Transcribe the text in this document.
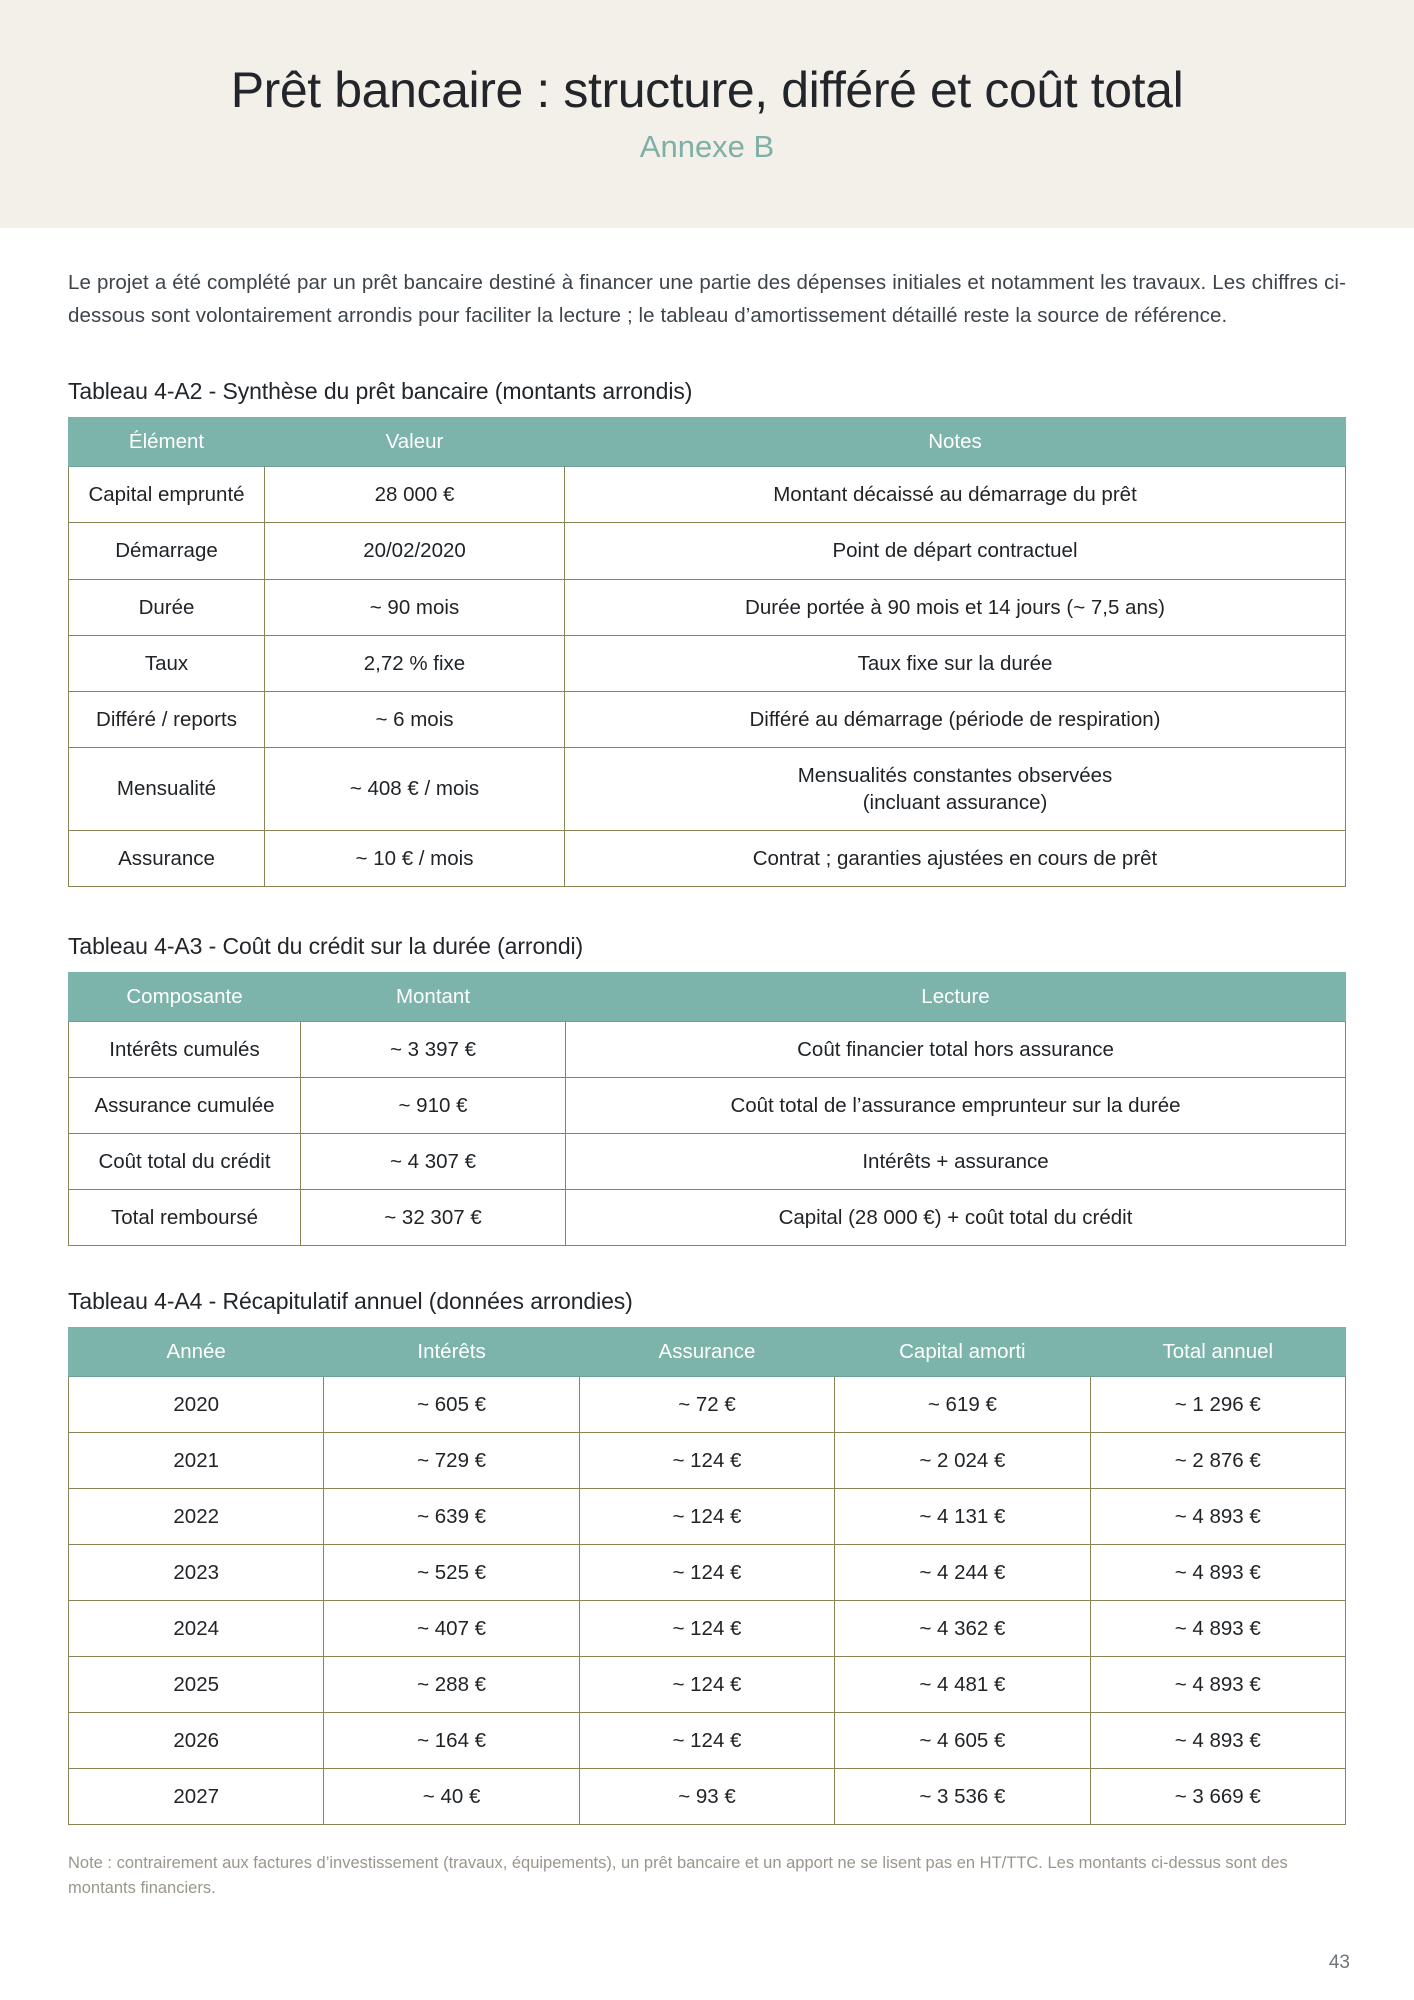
Prêt bancaire : structure, différé et coût total
Annexe B

Le projet a été complété par un prêt bancaire destiné à financer une partie des dépenses initiales et notamment les travaux. Les chiffres ci-dessous sont volontairement arrondis pour faciliter la lecture ; le tableau d’amortissement détaillé reste la source de référence.

Tableau 4-A2 - Synthèse du prêt bancaire (montants arrondis)
Élément	Valeur	Notes
Capital emprunté	28 000 €	Montant décaissé au démarrage du prêt
Démarrage	20/02/2020	Point de départ contractuel
Durée	~ 90 mois	Durée portée à 90 mois et 14 jours (~ 7,5 ans)
Taux	2,72 % fixe	Taux fixe sur la durée
Différé / reports	~ 6 mois	Différé au démarrage (période de respiration)
Mensualité	~ 408 € / mois	Mensualités constantes observées
(incluant assurance)
Assurance	~ 10 € / mois	Contrat ; garanties ajustées en cours de prêt
Tableau 4-A3 - Coût du crédit sur la durée (arrondi)
Composante	Montant	Lecture
Intérêts cumulés	~ 3 397 €	Coût financier total hors assurance
Assurance cumulée	~ 910 €	Coût total de l’assurance emprunteur sur la durée
Coût total du crédit	~ 4 307 €	Intérêts + assurance
Total remboursé	~ 32 307 €	Capital (28 000 €) + coût total du crédit
Tableau 4-A4 - Récapitulatif annuel (données arrondies)
Année	Intérêts	Assurance	Capital amorti	Total annuel
2020	~ 605 €	~ 72 €	~ 619 €	~ 1 296 €
2021	~ 729 €	~ 124 €	~ 2 024 €	~ 2 876 €
2022	~ 639 €	~ 124 €	~ 4 131 €	~ 4 893 €
2023	~ 525 €	~ 124 €	~ 4 244 €	~ 4 893 €
2024	~ 407 €	~ 124 €	~ 4 362 €	~ 4 893 €
2025	~ 288 €	~ 124 €	~ 4 481 €	~ 4 893 €
2026	~ 164 €	~ 124 €	~ 4 605 €	~ 4 893 €
2027	~ 40 €	~ 93 €	~ 3 536 €	~ 3 669 €

Note : contrairement aux factures d’investissement (travaux, équipements), un prêt bancaire et un apport ne se lisent pas en HT/TTC. Les montants ci-dessus sont des montants financiers.

43
